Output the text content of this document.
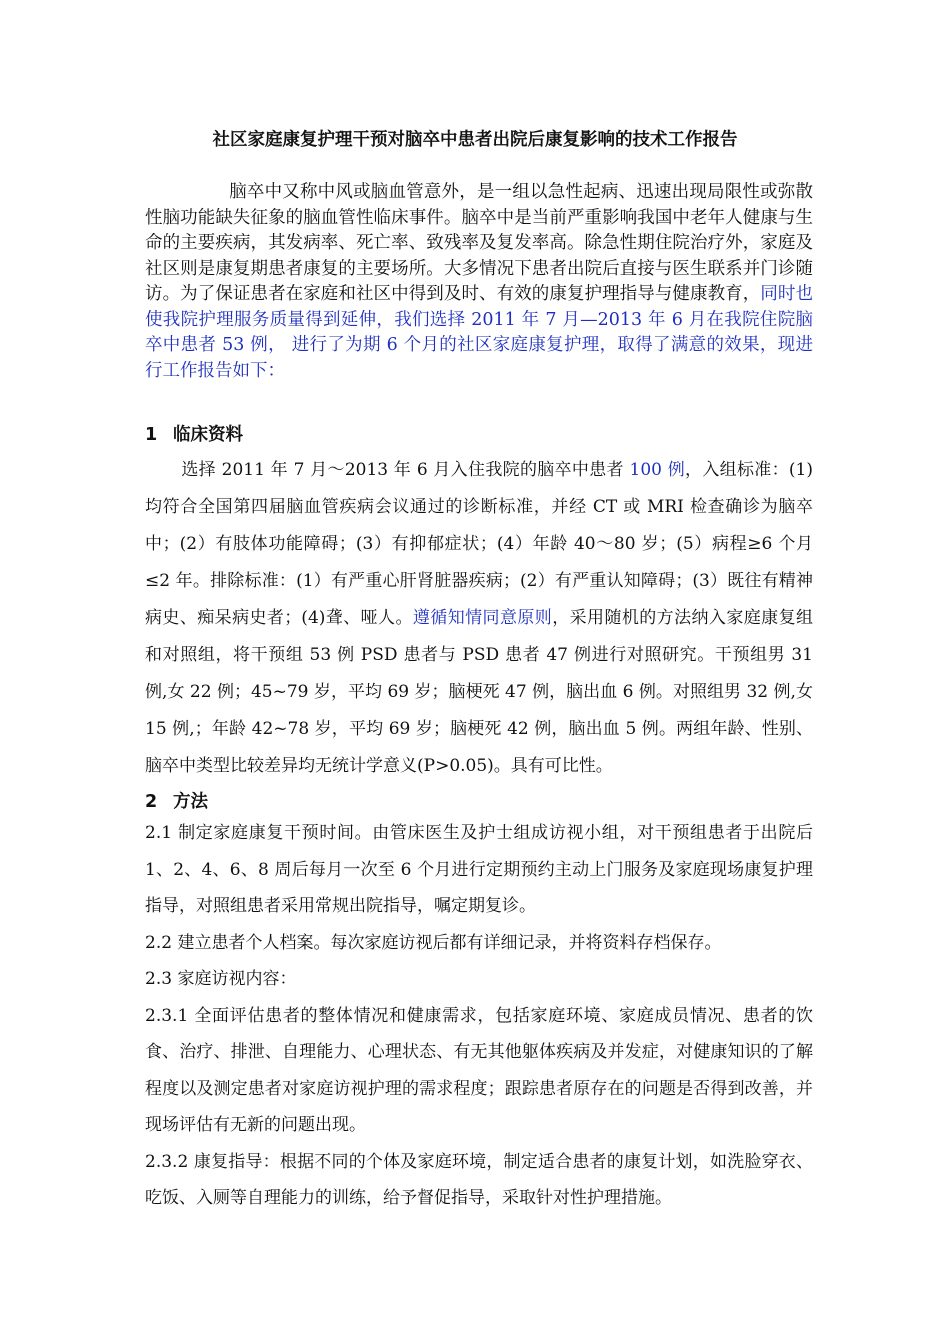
社区家庭康复护理干预对脑卒中患者出院后康复影响的技术工作报告
脑卒中又称中风或脑血管意外，是一组以急性起病、迅速出现局限性或弥散性脑功能缺失征象的脑血管性临床事件。脑卒中是当前严重影响我国中老年人健康与生命的主要疾病，其发病率、死亡率、致残率及复发率高。除急性期住院治疗外，家庭及社区则是康复期患者康复的主要场所。大多情况下患者出院后直接与医生联系并门诊随访。为了保证患者在家庭和社区中得到及时、有效的康复护理指导与健康教育，同时也使我院护理服务质量得到延伸，我们选择 2011 年 7 月—2013 年 6 月在我院住院脑卒中患者 53 例， 进行了为期 6 个月的社区家庭康复护理，取得了满意的效果，现进行工作报告如下：
1 临床资料
选择 2011 年 7 月～2013 年 6 月入住我院的脑卒中患者 100 例，入组标准：(1)均符合全国第四届脑血管疾病会议通过的诊断标准，并经 CT 或 MRI 检查确诊为脑卒中；(2）有肢体功能障碍；(3）有抑郁症状；(4）年龄 40～80 岁；(5）病程≥6 个月≤2 年。排除标准：(1）有严重心肝肾脏器疾病；(2）有严重认知障碍；(3）既往有精神病史、痴呆病史者；(4)聋、哑人。遵循知情同意原则，采用随机的方法纳入家庭康复组和对照组，将干预组 53 例 PSD 患者与 PSD 患者 47 例进行对照研究。干预组男 31 例,女 22 例；45~79 岁，平均 69 岁；脑梗死 47 例，脑出血 6 例。对照组男 32 例,女 15 例,；年龄 42~78 岁，平均 69 岁；脑梗死 42 例，脑出血 5 例。两组年龄、性别、脑卒中类型比较差异均无统计学意义(P>0.05)。具有可比性。
2 方法

2.1 制定家庭康复干预时间。由管床医生及护士组成访视小组，对干预组患者于出院后 1、2、4、6、8 周后每月一次至 6 个月进行定期预约主动上门服务及家庭现场康复护理指导，对照组患者采用常规出院指导，嘱定期复诊。

2.2 建立患者个人档案。每次家庭访视后都有详细记录，并将资料存档保存。

2.3 家庭访视内容：

2.3.1 全面评估患者的整体情况和健康需求，包括家庭环境、家庭成员情况、患者的饮食、治疗、排泄、自理能力、心理状态、有无其他躯体疾病及并发症，对健康知识的了解程度以及测定患者对家庭访视护理的需求程度；跟踪患者原存在的问题是否得到改善，并现场评估有无新的问题出现。

2.3.2 康复指导：根据不同的个体及家庭环境，制定适合患者的康复计划，如洗脸穿衣、吃饭、入厕等自理能力的训练，给予督促指导，采取针对性护理措施。
